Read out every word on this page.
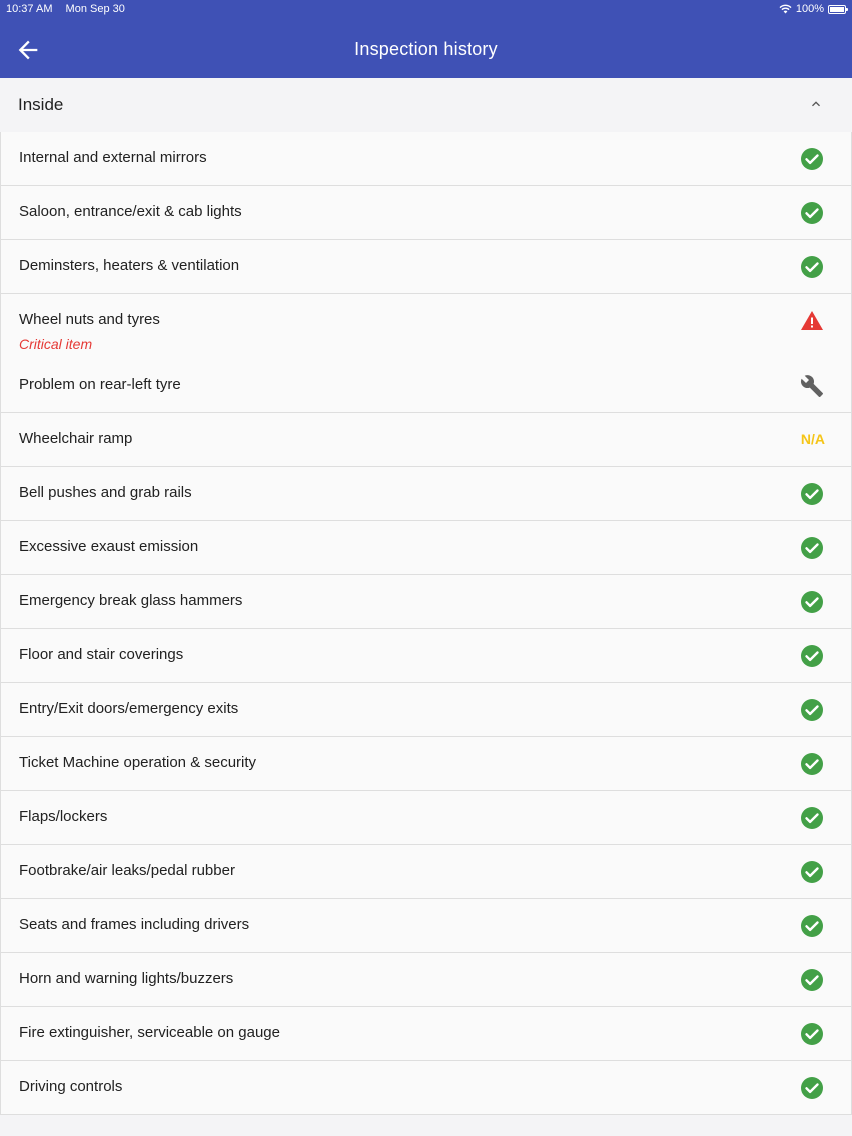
10:37 AM Mon Sep 30	100%
Inspection history
Inside
Internal and external mirrors
Saloon, entrance/exit & cab lights
Deminsters, heaters & ventilation
Wheel nuts and tyres
Critical item
Problem on rear-left tyre
Wheelchair ramp	N/A
Bell pushes and grab rails
Excessive exaust emission
Emergency break glass hammers
Floor and stair coverings
Entry/Exit doors/emergency exits
Ticket Machine operation & security
Flaps/lockers
Footbrake/air leaks/pedal rubber
Seats and frames including drivers
Horn and warning lights/buzzers
Fire extinguisher, serviceable on gauge
Driving controls
